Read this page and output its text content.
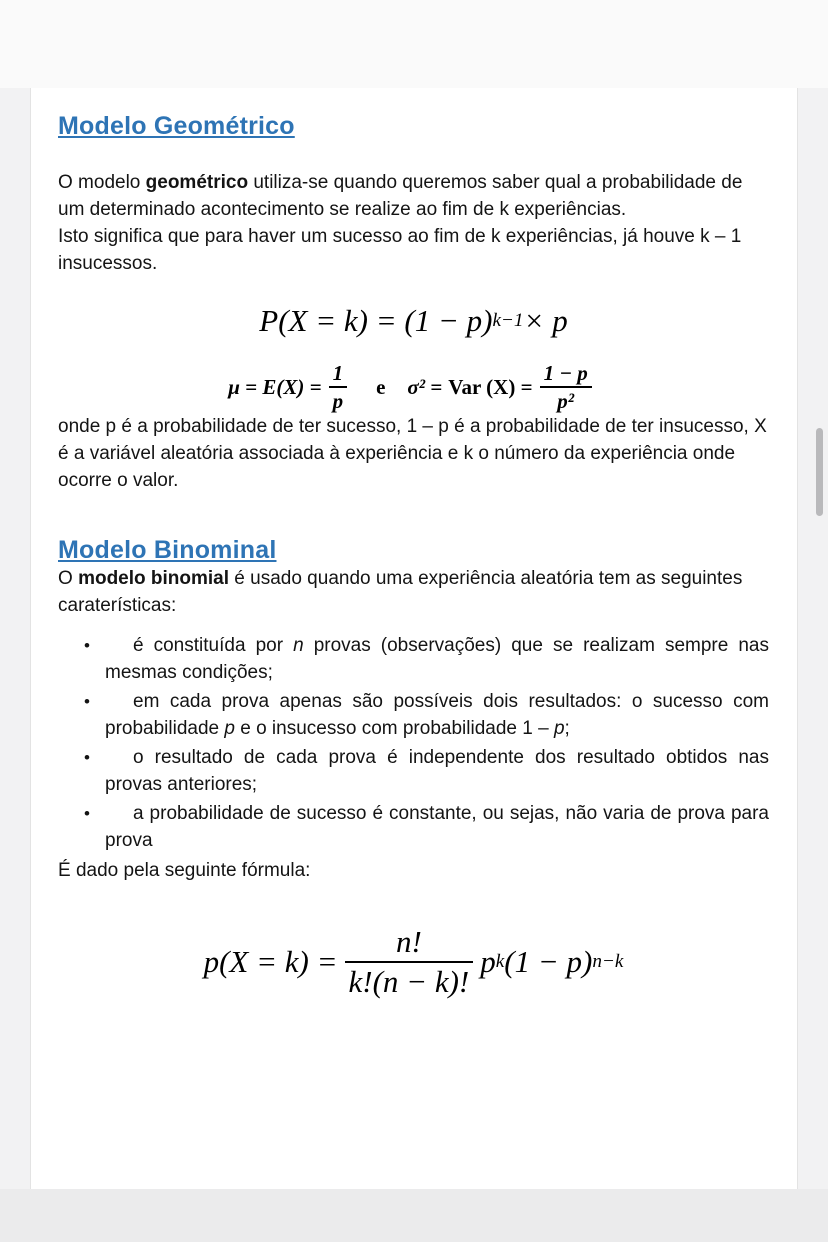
Modelo Geométrico

O modelo geométrico utiliza-se quando queremos saber qual a probabilidade de um determinado acontecimento se realize ao fim de k experiências.

Isto significa que para haver um sucesso ao fim de k experiências, já houve k – 1 insucessos.

P(X = k) = (1 − p) k−1 × p
$\mu = E(X) = \frac{1}{p}$ e σ² = Var $(X) = \frac{1 - p}{\text{p²}}$

onde p é a probabilidade de ter sucesso, 1 – p é a probabilidade de ter insucesso, X é a variável aleatória associada à experiência e k o número da experiência onde ocorre o valor.

Modelo Binominal

O modelo binomial é usado quando uma experiência aleatória tem as seguintes caraterísticas:

• é constituída por n provas (observações) que se realizam sempre nas mesmas condições;
• em cada prova apenas são possíveis dois resultados: o sucesso com probabilidade p e o insucesso com probabilidade 1 – p;
• o resultado de cada prova é independente dos resultado obtidos nas provas anteriores;
• a probabilidade de sucesso é constante, ou sejas, não varia de prova para prova

É dado pela seguinte fórmula:

$p(X = k) = \frac{n!}{k!(n - k)!}$ p k (1 − p) n−k
